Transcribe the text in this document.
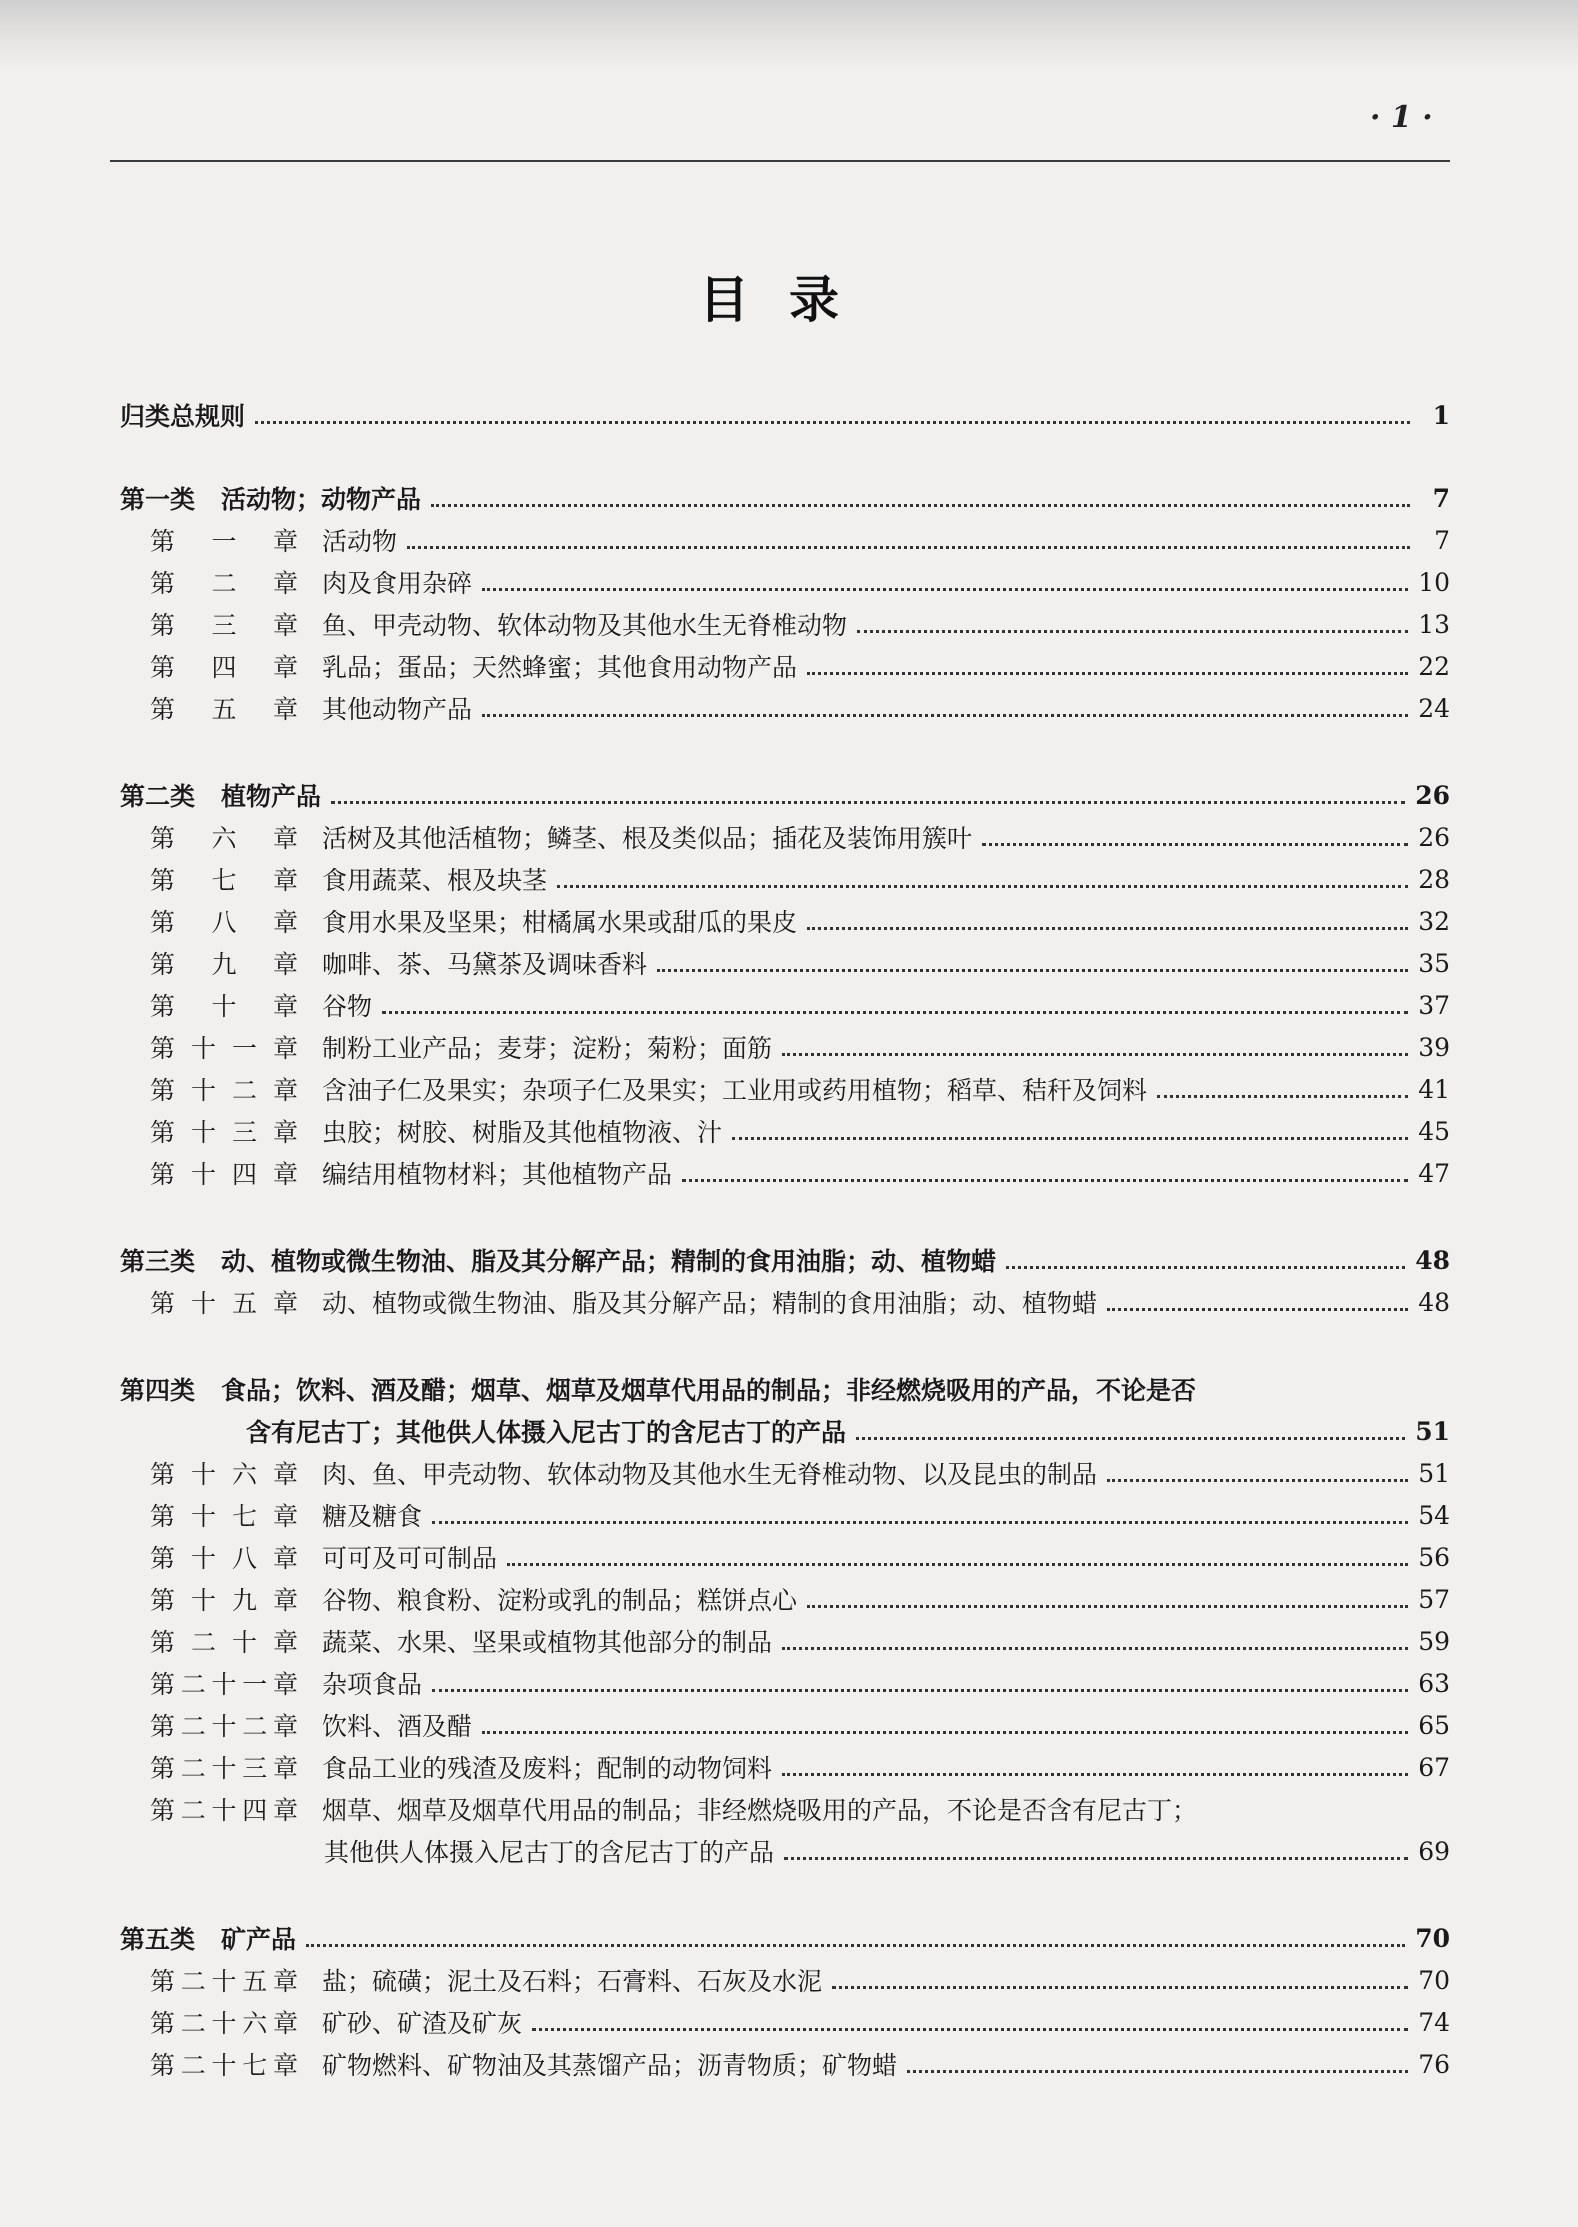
· 1 ·
目录
归类总规则	1
第一类 活动物；动物产品	7
第一章 活动物	7
第二章 肉及食用杂碎	10
第三章 鱼、甲壳动物、软体动物及其他水生无脊椎动物	13
第四章 乳品；蛋品；天然蜂蜜；其他食用动物产品	22
第五章 其他动物产品	24
第二类 植物产品	26
第六章 活树及其他活植物；鳞茎、根及类似品；插花及装饰用簇叶	26
第七章 食用蔬菜、根及块茎	28
第八章 食用水果及坚果；柑橘属水果或甜瓜的果皮	32
第九章 咖啡、茶、马黛茶及调味香料	35
第十章 谷物	37
第十一章 制粉工业产品；麦芽；淀粉；菊粉；面筋	39
第十二章 含油子仁及果实；杂项子仁及果实；工业用或药用植物；稻草、秸秆及饲料	41
第十三章 虫胶；树胶、树脂及其他植物液、汁	45
第十四章 编结用植物材料；其他植物产品	47
第三类 动、植物或微生物油、脂及其分解产品；精制的食用油脂；动、植物蜡	48
第十五章 动、植物或微生物油、脂及其分解产品；精制的食用油脂；动、植物蜡	48
第四类 食品；饮料、酒及醋；烟草、烟草及烟草代用品的制品；非经燃烧吸用的产品，不论是否
含有尼古丁；其他供人体摄入尼古丁的含尼古丁的产品	51
第十六章 肉、鱼、甲壳动物、软体动物及其他水生无脊椎动物、以及昆虫的制品	51
第十七章 糖及糖食	54
第十八章 可可及可可制品	56
第十九章 谷物、粮食粉、淀粉或乳的制品；糕饼点心	57
第二十章 蔬菜、水果、坚果或植物其他部分的制品	59
第二十一章 杂项食品	63
第二十二章 饮料、酒及醋	65
第二十三章 食品工业的残渣及废料；配制的动物饲料	67
第二十四章 烟草、烟草及烟草代用品的制品；非经燃烧吸用的产品，不论是否含有尼古丁；
其他供人体摄入尼古丁的含尼古丁的产品	69
第五类 矿产品	70
第二十五章 盐；硫磺；泥土及石料；石膏料、石灰及水泥	70
第二十六章 矿砂、矿渣及矿灰	74
第二十七章 矿物燃料、矿物油及其蒸馏产品；沥青物质；矿物蜡	76
